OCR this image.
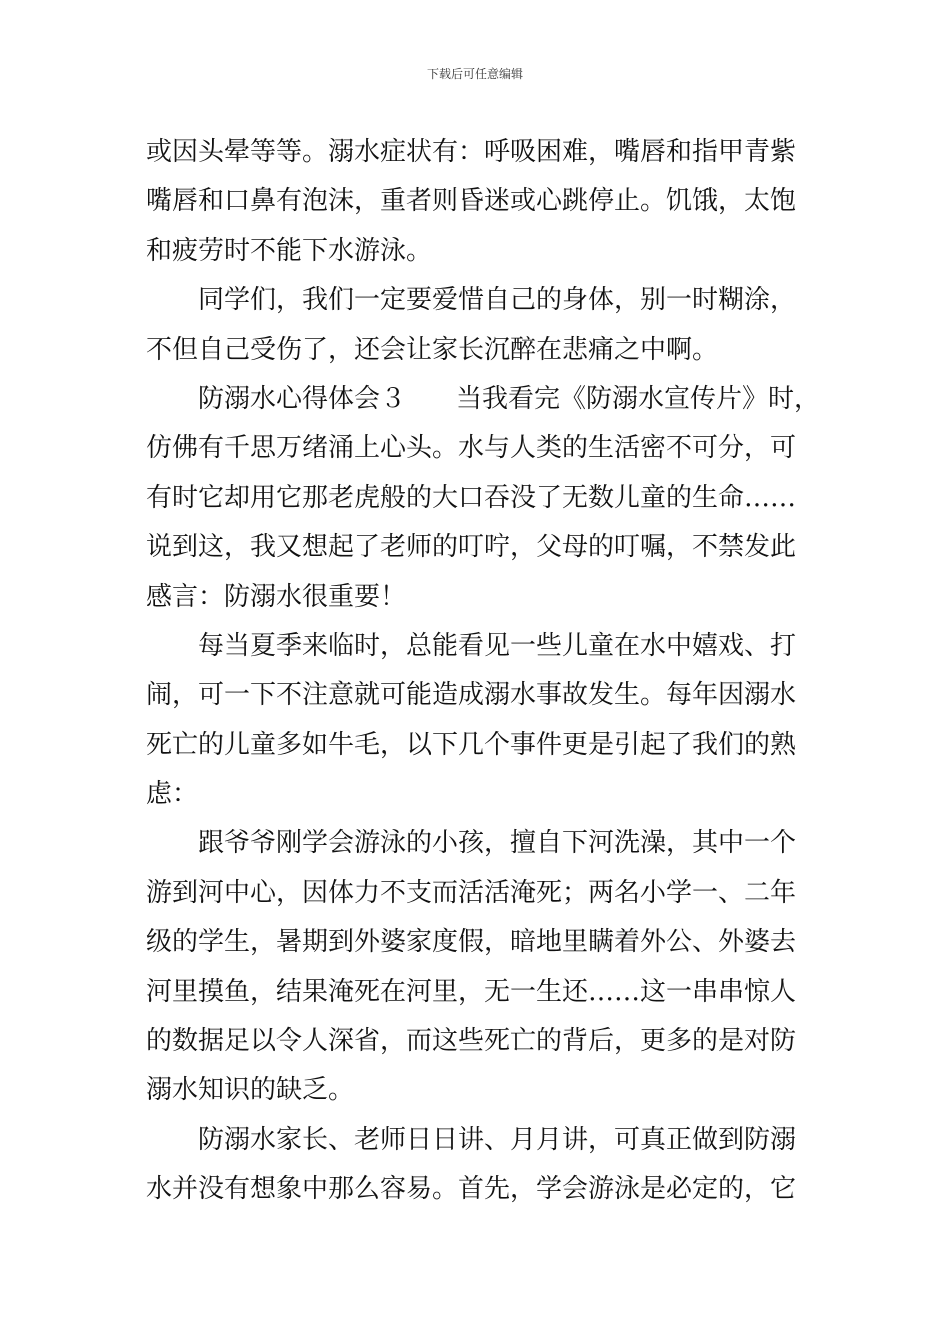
下载后可任意编辑
或因头晕等等。溺水症状有：呼吸困难，嘴唇和指甲青紫
嘴唇和口鼻有泡沫，重者则昏迷或心跳停止。饥饿，太饱
和疲劳时不能下水游泳。
同学们，我们一定要爱惜自己的身体，别一时糊涂，
不但自己受伤了，还会让家长沉醉在悲痛之中啊。
防溺水心得体会３ 当我看完《防溺水宣传片》时，
仿佛有千思万绪涌上心头。水与人类的生活密不可分，可
有时它却用它那老虎般的大口吞没了无数儿童的生命……
说到这，我又想起了老师的叮咛，父母的叮嘱，不禁发此
感言：防溺水很重要！
每当夏季来临时，总能看见一些儿童在水中嬉戏、打
闹，可一下不注意就可能造成溺水事故发生。每年因溺水
死亡的儿童多如牛毛，以下几个事件更是引起了我们的熟
虑：
跟爷爷刚学会游泳的小孩，擅自下河洗澡，其中一个
游到河中心，因体力不支而活活淹死；两名小学一、二年
级的学生，暑期到外婆家度假，暗地里瞒着外公、外婆去
河里摸鱼，结果淹死在河里，无一生还……这一串串惊人
的数据足以令人深省，而这些死亡的背后，更多的是对防
溺水知识的缺乏。
防溺水家长、老师日日讲、月月讲，可真正做到防溺
水并没有想象中那么容易。首先，学会游泳是必定的，它
